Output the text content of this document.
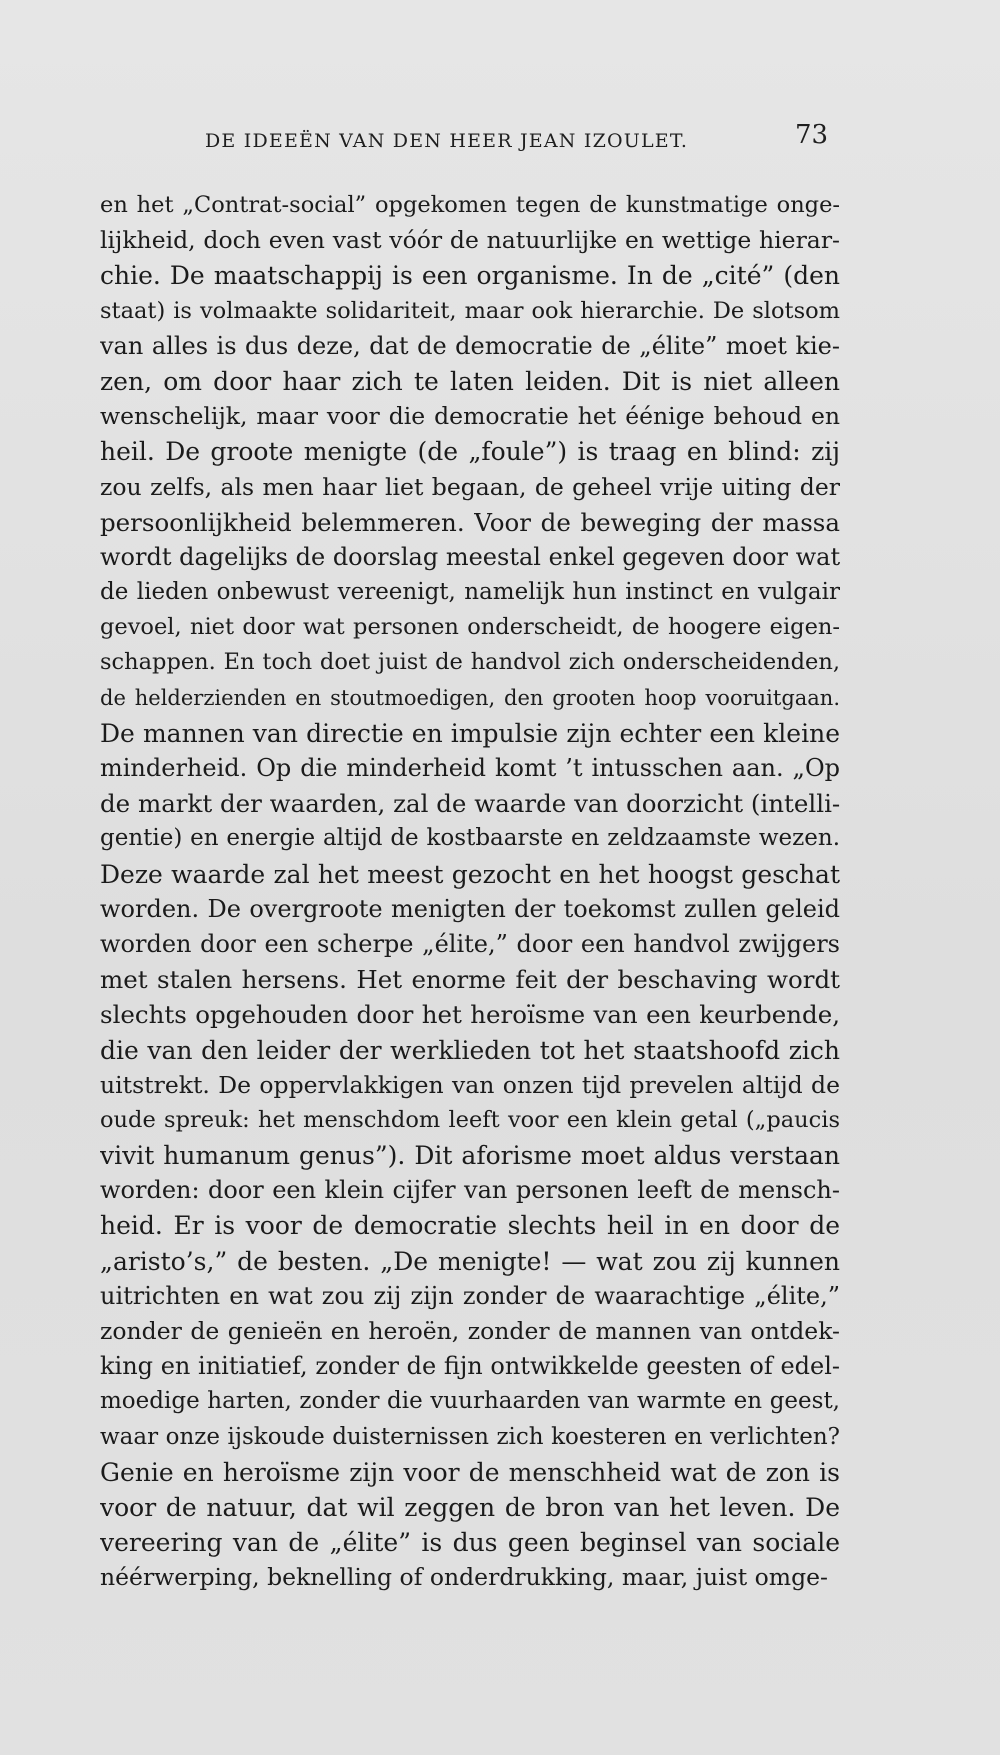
DE IDEEËN VAN DEN HEER JEAN IZOULET.	73
en het „Contrat-social” opgekomen tegen de kunstmatige onge-
lijkheid, doch even vast vóór de natuurlijke en wettige hierar-
chie. De maatschappij is een organisme. In de „cité” (den
staat) is volmaakte solidariteit, maar ook hierarchie. De slotsom
van alles is dus deze, dat de democratie de „élite” moet kie-
zen, om door haar zich te laten leiden. Dit is niet alleen
wenschelijk, maar voor die democratie het éénige behoud en
heil. De groote menigte (de „foule”) is traag en blind: zij
zou zelfs, als men haar liet begaan, de geheel vrije uiting der
persoonlijkheid belemmeren. Voor de beweging der massa
wordt dagelijks de doorslag meestal enkel gegeven door wat
de lieden onbewust vereenigt, namelijk hun instinct en vulgair
gevoel, niet door wat personen onderscheidt, de hoogere eigen-
schappen. En toch doet juist de handvol zich onderscheidenden,
de helderzienden en stoutmoedigen, den grooten hoop vooruitgaan.
De mannen van directie en impulsie zijn echter een kleine
minderheid. Op die minderheid komt ’t intusschen aan. „Op
de markt der waarden, zal de waarde van doorzicht (intelli-
gentie) en energie altijd de kostbaarste en zeldzaamste wezen.
Deze waarde zal het meest gezocht en het hoogst geschat
worden. De overgroote menigten der toekomst zullen geleid
worden door een scherpe „élite,” door een handvol zwijgers
met stalen hersens. Het enorme feit der beschaving wordt
slechts opgehouden door het heroïsme van een keurbende,
die van den leider der werklieden tot het staatshoofd zich
uitstrekt. De oppervlakkigen van onzen tijd prevelen altijd de
oude spreuk: het menschdom leeft voor een klein getal („paucis
vivit humanum genus”). Dit aforisme moet aldus verstaan
worden: door een klein cijfer van personen leeft de mensch-
heid. Er is voor de democratie slechts heil in en door de
„aristo’s,” de besten. „De menigte! — wat zou zij kunnen
uitrichten en wat zou zij zijn zonder de waarachtige „élite,”
zonder de genieën en heroën, zonder de mannen van ontdek-
king en initiatief, zonder de fijn ontwikkelde geesten of edel-
moedige harten, zonder die vuurhaarden van warmte en geest,
waar onze ijskoude duisternissen zich koesteren en verlichten?
Genie en heroïsme zijn voor de menschheid wat de zon is
voor de natuur, dat wil zeggen de bron van het leven. De
vereering van de „élite” is dus geen beginsel van sociale
néérwerping, beknelling of onderdrukking, maar, juist omge-
